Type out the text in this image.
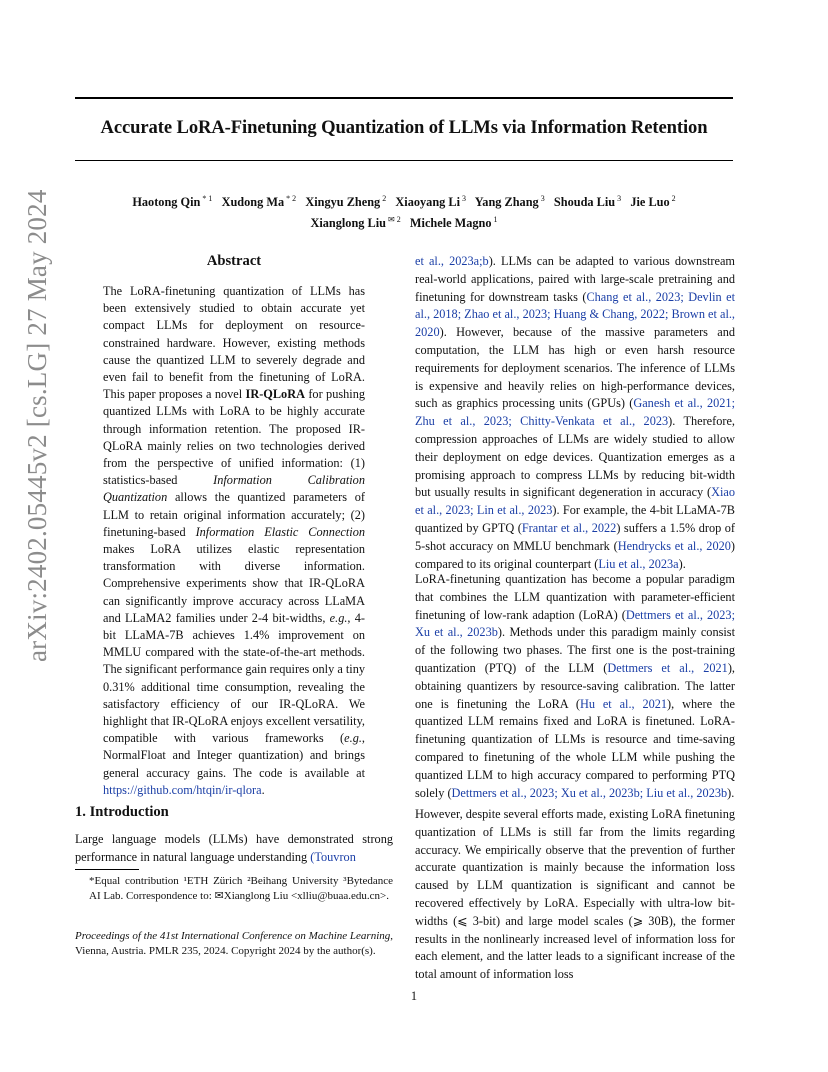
Accurate LoRA-Finetuning Quantization of LLMs via Information Retention
Haotong Qin $^{* 1}$ Xudong Ma $^{* 2}$ Xingyu Zheng $^2$ Xiaoyang Li $^3$ Yang Zhang $^3$ Shouda Liu $^3$ Jie Luo $^2$
Xianglong Liu $^{✉ 2}$ Michele Magno $^1$
arXiv:2402.05445v2 [cs.LG] 27 May 2024	Abstract
The LoRA-finetuning quantization of LLMs has been extensively studied to obtain accurate yet compact LLMs for deployment on resource-constrained hardware. However, existing methods cause the quantized LLM to severely degrade and even fail to benefit from the finetuning of LoRA. This paper proposes a novel IR-QLoRA for pushing quantized LLMs with LoRA to be highly accurate through information retention. The proposed IR-QLoRA mainly relies on two technologies derived from the perspective of unified information: (1) statistics-based Information Calibration Quantization allows the quantized parameters of LLM to retain original information accurately; (2) finetuning-based Information Elastic Connection makes LoRA utilizes elastic representation transformation with diverse information. Comprehensive experiments show that IR-QLoRA can significantly improve accuracy across LLaMA and LLaMA2 families under 2-4 bit-widths, e.g., 4-bit LLaMA-7B achieves 1.4% improvement on MMLU compared with the state-of-the-art methods. The significant performance gain requires only a tiny 0.31% additional time consumption, revealing the satisfactory efficiency of our IR-QLoRA. We highlight that IR-QLoRA enjoys excellent versatility, compatible with various frameworks (e.g., NormalFloat and Integer quantization) and brings general accuracy gains. The code is available at https://github.com/htqin/ir-qlora.
1. Introduction
Large language models (LLMs) have demonstrated strong performance in natural language understanding (Touvron
*Equal contribution ¹ETH Zürich ²Beihang University ³Bytedance AI Lab. Correspondence to: ✉Xianglong Liu <xlliu@buaa.edu.cn>.
Proceedings of the 41st International Conference on Machine Learning, Vienna, Austria. PMLR 235, 2024. Copyright 2024 by the author(s).

et al., 2023a;b). LLMs can be adapted to various downstream real-world applications, paired with large-scale pretraining and finetuning for downstream tasks (Chang et al., 2023; Devlin et al., 2018; Zhao et al., 2023; Huang & Chang, 2022; Brown et al., 2020). However, because of the massive parameters and computation, the LLM has high or even harsh resource requirements for deployment scenarios. The inference of LLMs is expensive and heavily relies on high-performance devices, such as graphics processing units (GPUs) (Ganesh et al., 2021; Zhu et al., 2023; Chitty-Venkata et al., 2023). Therefore, compression approaches of LLMs are widely studied to allow their deployment on edge devices. Quantization emerges as a promising approach to compress LLMs by reducing bit-width but usually results in significant degeneration in accuracy (Xiao et al., 2023; Lin et al., 2023). For example, the 4-bit LLaMA-7B quantized by GPTQ (Frantar et al., 2022) suffers a 1.5% drop of 5-shot accuracy on MMLU benchmark (Hendrycks et al., 2020) compared to its original counterpart (Liu et al., 2023a).

LoRA-finetuning quantization has become a popular paradigm that combines the LLM quantization with parameter-efficient finetuning of low-rank adaption (LoRA) (Dettmers et al., 2023; Xu et al., 2023b). Methods under this paradigm mainly consist of the following two phases. The first one is the post-training quantization (PTQ) of the LLM (Dettmers et al., 2021), obtaining quantizers by resource-saving calibration. The latter one is finetuning the LoRA (Hu et al., 2021), where the quantized LLM remains fixed and LoRA is finetuned. LoRA-finetuning quantization of LLMs is resource and time-saving compared to finetuning of the whole LLM while pushing the quantized LLM to high accuracy compared to performing PTQ solely (Dettmers et al., 2023; Xu et al., 2023b; Liu et al., 2023b).

However, despite several efforts made, existing LoRA finetuning quantization of LLMs is still far from the limits regarding accuracy. We empirically observe that the prevention of further accurate quantization is mainly because the information loss caused by LLM quantization is significant and cannot be recovered effectively by LoRA. Especially with ultra-low bit-widths (⩽ 3-bit) and large model scales (⩾ 30B), the former results in the nonlinearly increased level of information loss for each element, and the latter leads to a significant increase of the total amount of information loss

1
